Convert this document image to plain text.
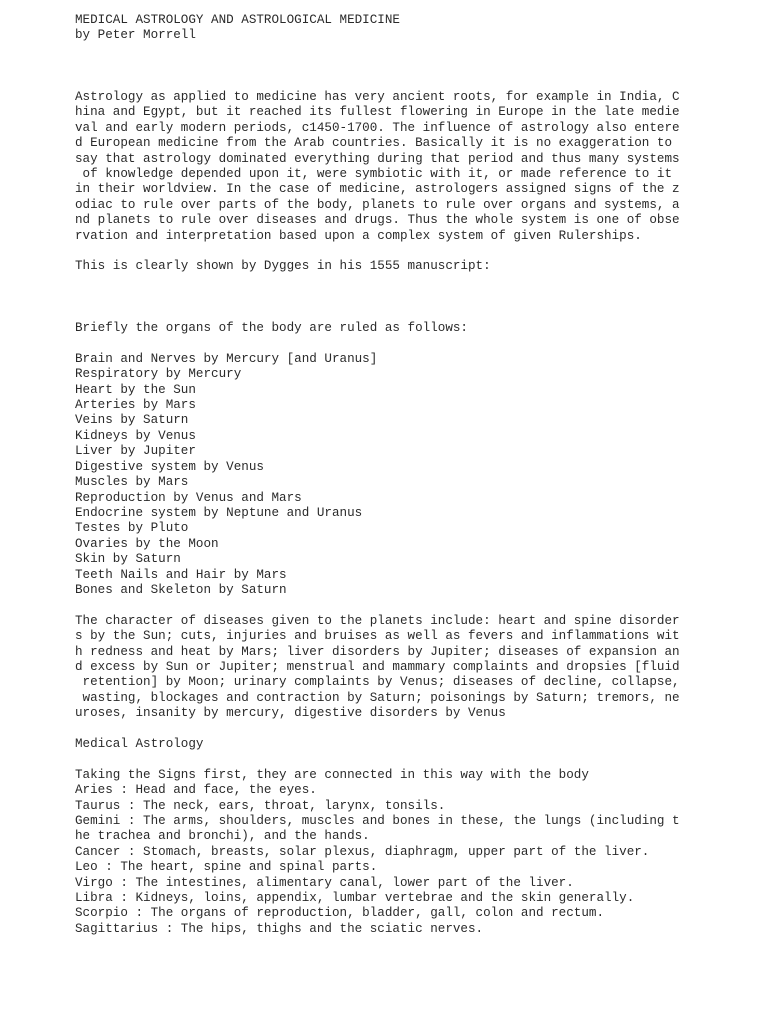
MEDICAL ASTROLOGY AND ASTROLOGICAL MEDICINE
by Peter Morrell
Astrology as applied to medicine has very ancient roots, for example in India, C
hina and Egypt, but it reached its fullest flowering in Europe in the late medie
val and early modern periods, c1450-1700. The influence of astrology also entere
d European medicine from the Arab countries. Basically it is no exaggeration to
say that astrology dominated everything during that period and thus many systems
of knowledge depended upon it, were symbiotic with it, or made reference to it
in their worldview. In the case of medicine, astrologers assigned signs of the z
odiac to rule over parts of the body, planets to rule over organs and systems, a
nd planets to rule over diseases and drugs. Thus the whole system is one of obse
rvation and interpretation based upon a complex system of given Rulerships.
This is clearly shown by Dygges in his 1555 manuscript:
Briefly the organs of the body are ruled as follows:
Brain and Nerves by Mercury [and Uranus]
Respiratory by Mercury
Heart by the Sun
Arteries by Mars
Veins by Saturn
Kidneys by Venus
Liver by Jupiter
Digestive system by Venus
Muscles by Mars
Reproduction by Venus and Mars
Endocrine system by Neptune and Uranus
Testes by Pluto
Ovaries by the Moon
Skin by Saturn
Teeth Nails and Hair by Mars
Bones and Skeleton by Saturn
The character of diseases given to the planets include: heart and spine disorder
s by the Sun; cuts, injuries and bruises as well as fevers and inflammations wit
h redness and heat by Mars; liver disorders by Jupiter; diseases of expansion an
d excess by Sun or Jupiter; menstrual and mammary complaints and dropsies [fluid
retention] by Moon; urinary complaints by Venus; diseases of decline, collapse,
wasting, blockages and contraction by Saturn; poisonings by Saturn; tremors, ne
uroses, insanity by mercury, digestive disorders by Venus
Medical Astrology
Taking the Signs first, they are connected in this way with the body
Aries : Head and face, the eyes.
Taurus : The neck, ears, throat, larynx, tonsils.
Gemini : The arms, shoulders, muscles and bones in these, the lungs (including t
he trachea and bronchi), and the hands.
Cancer : Stomach, breasts, solar plexus, diaphragm, upper part of the liver.
Leo : The heart, spine and spinal parts.
Virgo : The intestines, alimentary canal, lower part of the liver.
Libra : Kidneys, loins, appendix, lumbar vertebrae and the skin generally.
Scorpio : The organs of reproduction, bladder, gall, colon and rectum.
Sagittarius : The hips, thighs and the sciatic nerves.
